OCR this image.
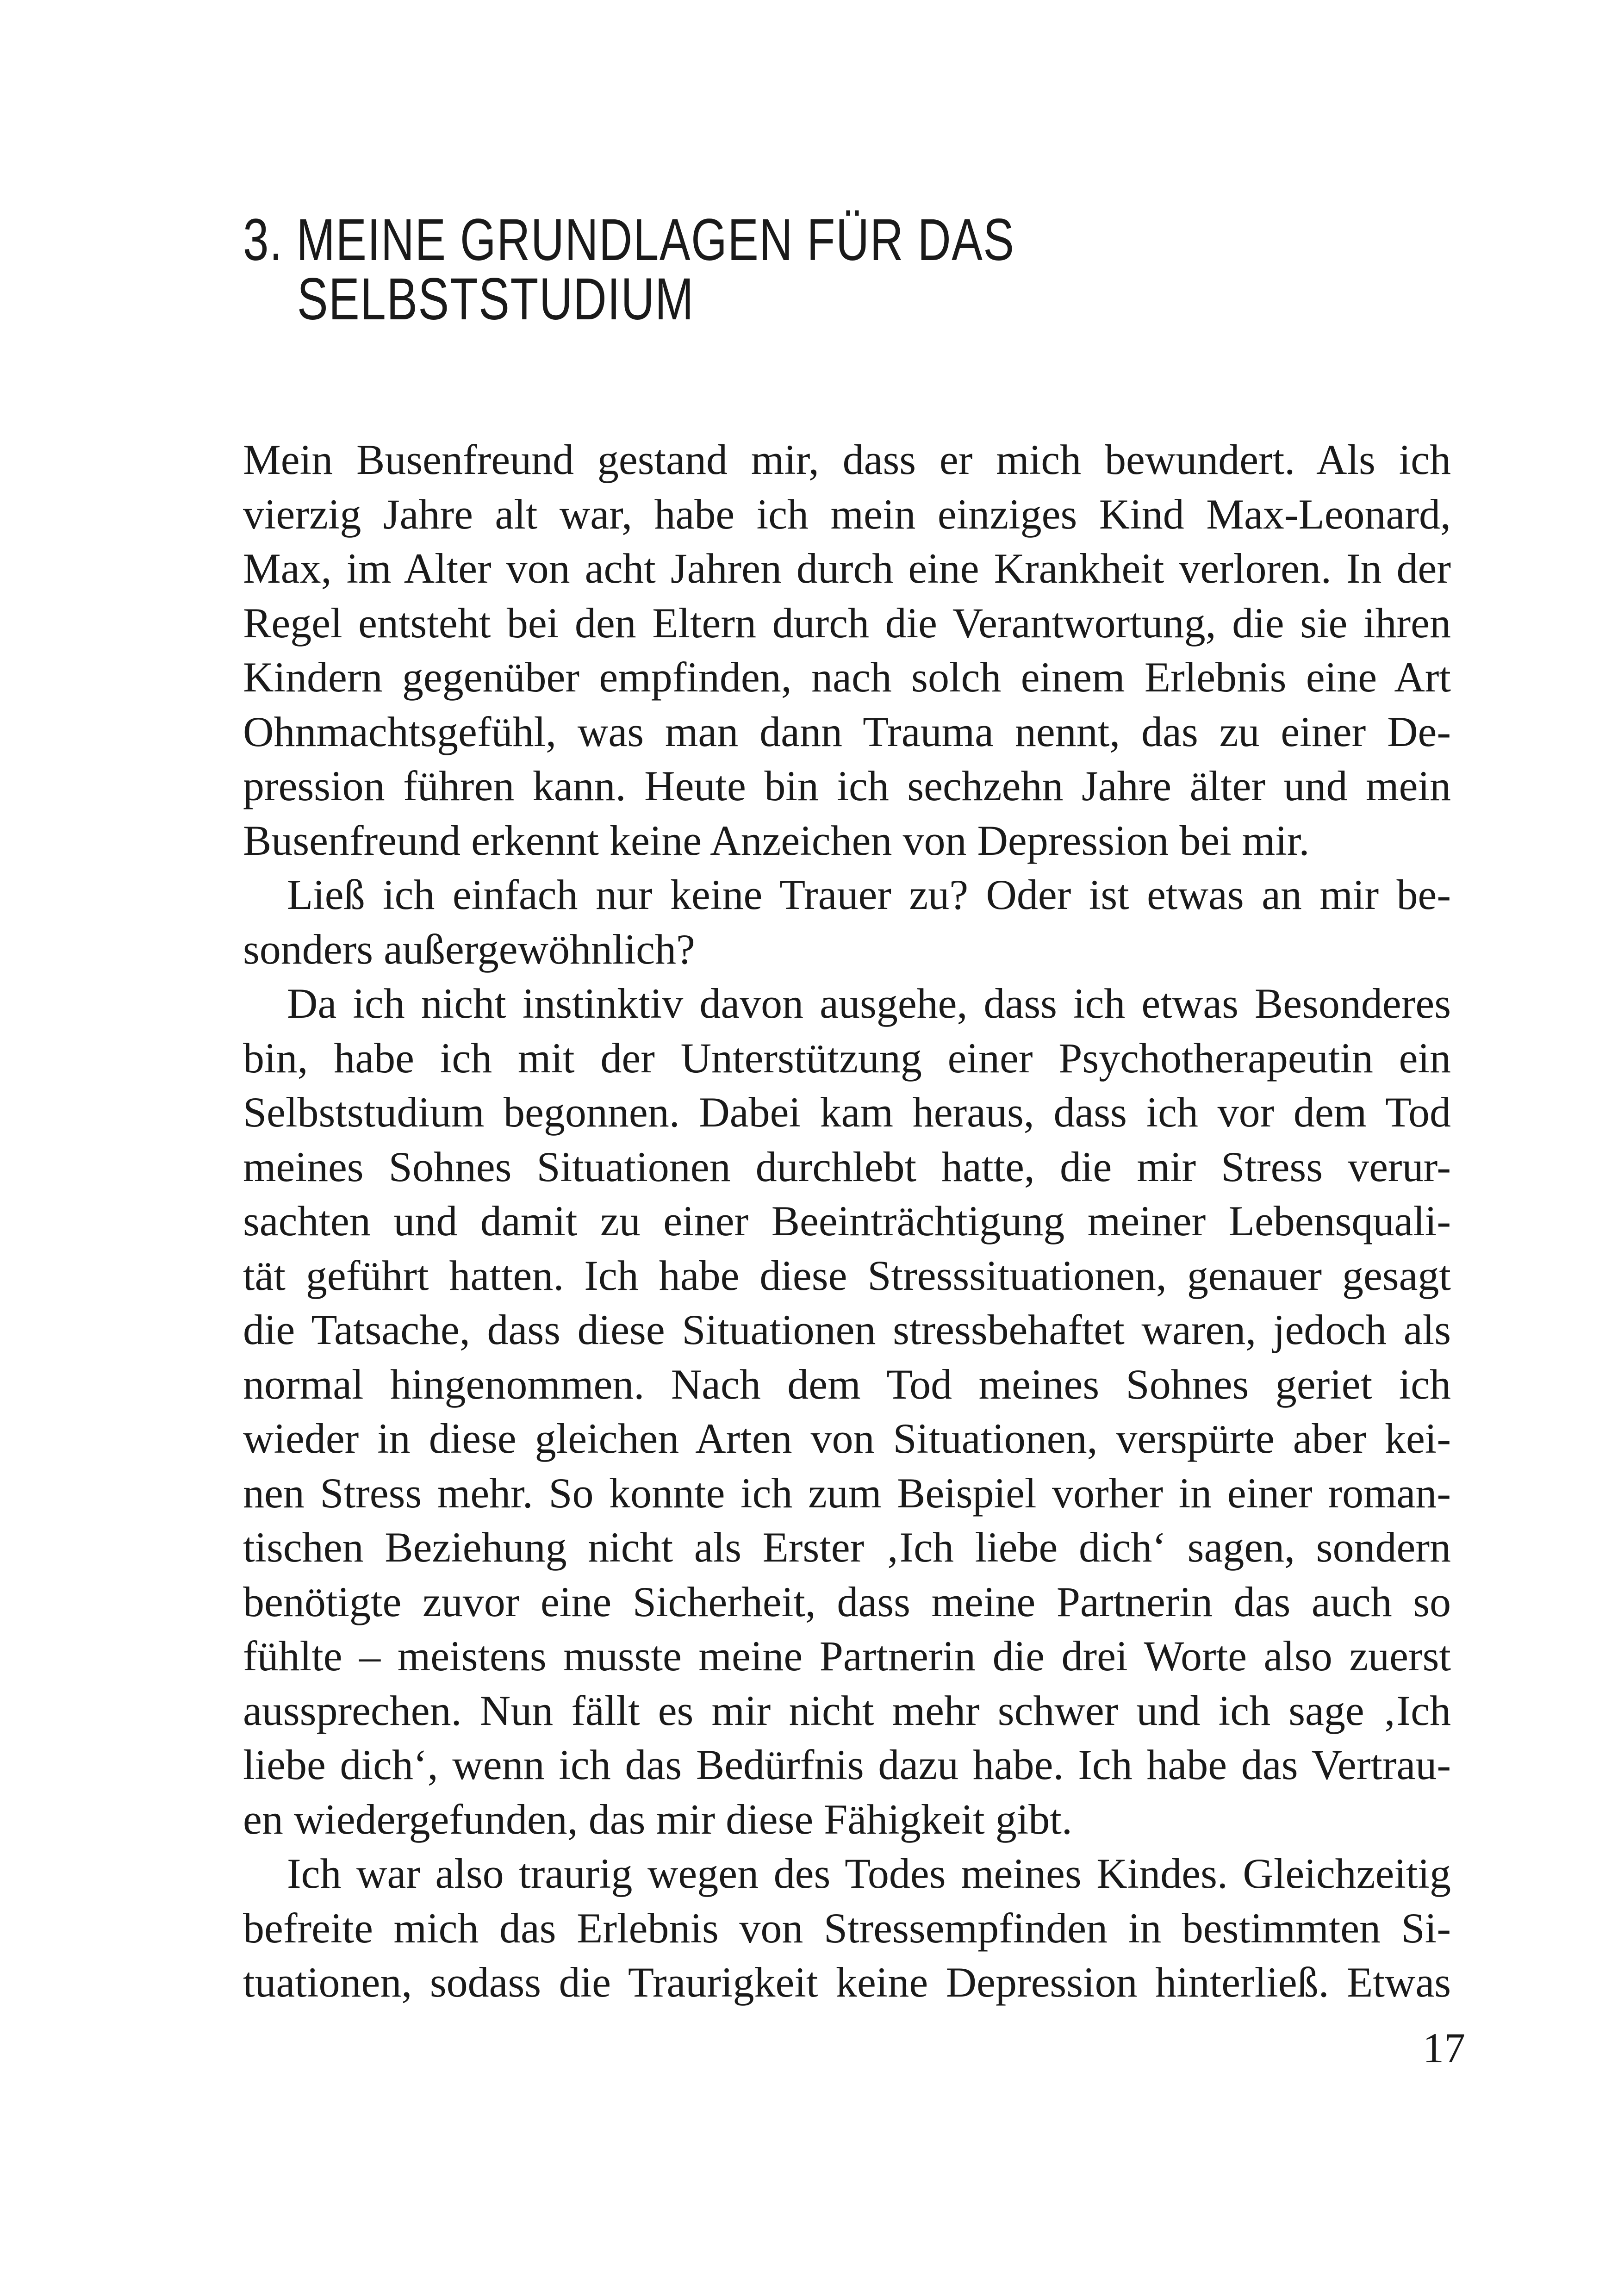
3. MEINE GRUNDLAGEN FÜR DAS
SELBSTSTUDIUM
Mein Busenfreund gestand mir, dass er mich bewundert. Als ich
vierzig Jahre alt war, habe ich mein einziges Kind Max-Leonard,
Max, im Alter von acht Jahren durch eine Krankheit verloren. In der
Regel entsteht bei den Eltern durch die Verantwortung, die sie ihren
Kindern gegenüber empfinden, nach solch einem Erlebnis eine Art
Ohnmachtsgefühl, was man dann Trauma nennt, das zu einer De-
pression führen kann. Heute bin ich sechzehn Jahre älter und mein
Busenfreund erkennt keine Anzeichen von Depression bei mir.
Ließ ich einfach nur keine Trauer zu? Oder ist etwas an mir be-
sonders außergewöhnlich?
Da ich nicht instinktiv davon ausgehe, dass ich etwas Besonderes
bin, habe ich mit der Unterstützung einer Psychotherapeutin ein
Selbststudium begonnen. Dabei kam heraus, dass ich vor dem Tod
meines Sohnes Situationen durchlebt hatte, die mir Stress verur-
sachten und damit zu einer Beeinträchtigung meiner Lebensquali-
tät geführt hatten. Ich habe diese Stresssituationen, genauer gesagt
die Tatsache, dass diese Situationen stressbehaftet waren, jedoch als
normal hingenommen. Nach dem Tod meines Sohnes geriet ich
wieder in diese gleichen Arten von Situationen, verspürte aber kei-
nen Stress mehr. So konnte ich zum Beispiel vorher in einer roman-
tischen Beziehung nicht als Erster ‚Ich liebe dich‘ sagen, sondern
benötigte zuvor eine Sicherheit, dass meine Partnerin das auch so
fühlte – meistens musste meine Partnerin die drei Worte also zuerst
aussprechen. Nun fällt es mir nicht mehr schwer und ich sage ‚Ich
liebe dich‘, wenn ich das Bedürfnis dazu habe. Ich habe das Vertrau-
en wiedergefunden, das mir diese Fähigkeit gibt.
Ich war also traurig wegen des Todes meines Kindes. Gleichzeitig
befreite mich das Erlebnis von Stressempfinden in bestimmten Si-
tuationen, sodass die Traurigkeit keine Depression hinterließ. Etwas
17
